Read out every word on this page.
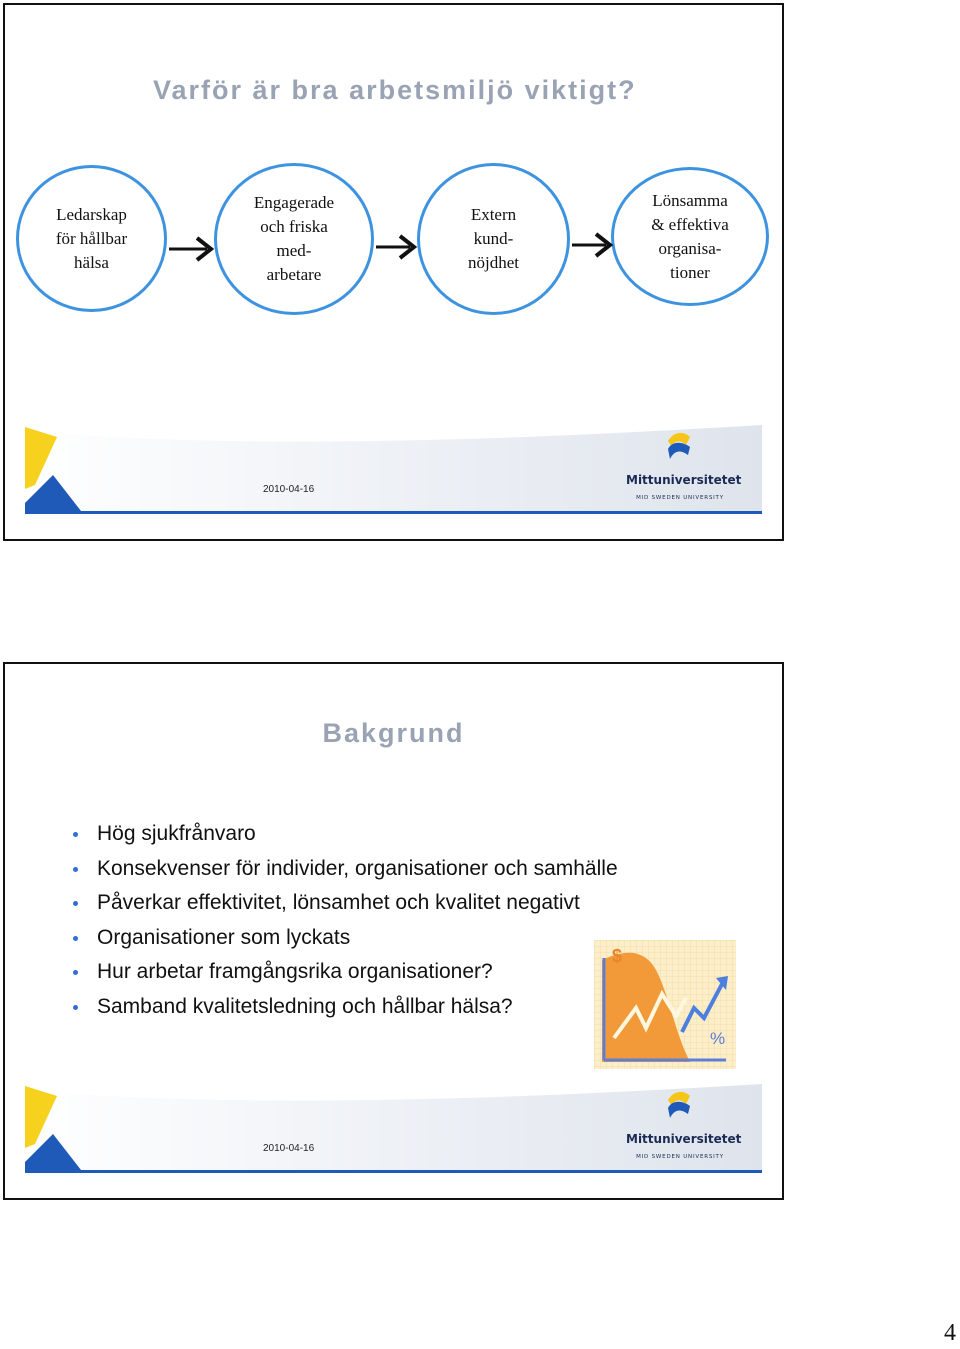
Varför är bra arbetsmiljö viktigt?
Ledarskap
för hållbar
hälsa
Engagerade
och friska
med-
arbetare
Extern
kund-
nöjdhet
Lönsamma
& effektiva
organisa-
tioner
2010-04-16
Mittuniversitetet
MID SWEDEN UNIVERSITY
Bakgrund
Hög sjukfrånvaro
Konsekvenser för individer, organisationer och samhälle
Påverkar effektivitet, lönsamhet och kvalitet negativt
Organisationer som lyckats
Hur arbetar framgångsrika organisationer?
Samband kvalitetsledning och hållbar hälsa?
$
%
2010-04-16
Mittuniversitetet
MID SWEDEN UNIVERSITY
4
